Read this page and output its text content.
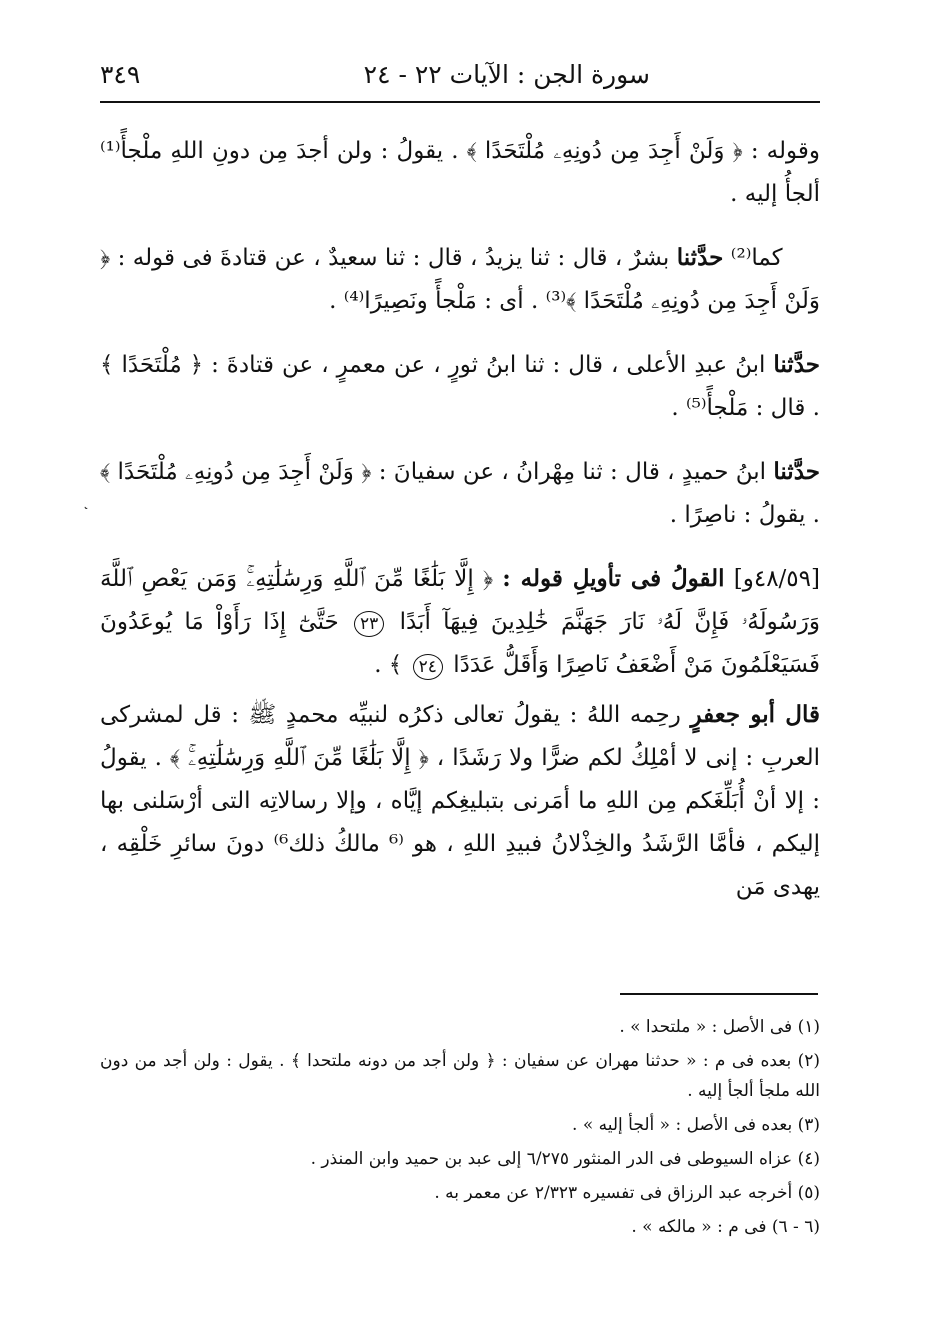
سورة الجن : الآيات ٢٢ - ٢٤
٣٤٩
ﹳ

وقوله : ﴿ وَلَنْ أَجِدَ مِن دُونِهِۦ مُلْتَحَدًا ﴾ . يقولُ : ولن أجدَ مِن دونِ اللهِ ملْجأً⁽¹⁾ ألجأُ إليه .

كما⁽²⁾ حدَّثنا بشرٌ ، قال : ثنا يزيدُ ، قال : ثنا سعيدٌ ، عن قتادةَ فى قوله : ﴿ وَلَنْ أَجِدَ مِن دُونِهِۦ مُلْتَحَدًا ﴾⁽³⁾ . أى : مَلْجأً ونَصِيرًا⁽⁴⁾ .

حدَّثنا ابنُ عبدِ الأعلى ، قال : ثنا ابنُ ثورٍ ، عن معمرٍ ، عن قتادةَ : ﴿ مُلْتَحَدًا ﴾ . قال : مَلْجأً⁽⁵⁾ .

حدَّثنا ابنُ حميدٍ ، قال : ثنا مِهْرانُ ، عن سفيانَ : ﴿ وَلَنْ أَجِدَ مِن دُونِهِۦ مُلْتَحَدًا ﴾ . يقولُ : ناصِرًا .

[٤٨/٥٩و] القولُ فى تأويلِ قوله : ﴿ إِلَّا بَلَٰغًا مِّنَ ٱللَّهِ وَرِسَٰلَٰتِهِۦۚ وَمَن يَعْصِ ٱللَّهَ وَرَسُولَهُۥ فَإِنَّ لَهُۥ نَارَ جَهَنَّمَ خَٰلِدِينَ فِيهَآ أَبَدًا ٢٣ حَتَّىٰٓ إِذَا رَأَوْاْ مَا يُوعَدُونَ فَسَيَعْلَمُونَ مَنْ أَضْعَفُ نَاصِرًا وَأَقَلُّ عَدَدًا ٢٤ ﴾ .

قال أبو جعفرٍ رحِمه اللهُ : يقولُ تعالى ذكرُه لنبيِّه محمدٍ ﷺ : قل لمشركى العربِ : إنى لا أمْلِكُ لكم ضرًّا ولا رَشَدًا ، ﴿ إِلَّا بَلَٰغًا مِّنَ ٱللَّهِ وَرِسَٰلَٰتِهِۦۚ ﴾ . يقولُ : إلا أنْ أُبَلِّغَكم مِن اللهِ ما أمَرنى بتبليغِكم إيَّاه ، وإلا رسالاتِه التى أرْسَلنى بها إليكم ، فأمَّا الرَّشَدُ والخِذْلانُ فبيدِ اللهِ ، هو ⁽⁶ مالكُ ذلك⁶⁾ دونَ سائرِ خَلْقِه ، يهدى مَن

(١) فى الأصل : « ملتحدا » .

(٢) بعده فى م : « حدثنا مهران عن سفيان : ﴿ ولن أجد من دونه ملتحدا ﴾ . يقول : ولن أجد من دون الله ملجأ ألجأ إليه .

(٣) بعده فى الأصل : « ألجأ إليه » .

(٤) عزاه السيوطى فى الدر المنثور ٦/٢٧٥ إلى عبد بن حميد وابن المنذر .

(٥) أخرجه عبد الرزاق فى تفسيره ٢/٣٢٣ عن معمر به .

(٦ - ٦) فى م : « مالكه » .
